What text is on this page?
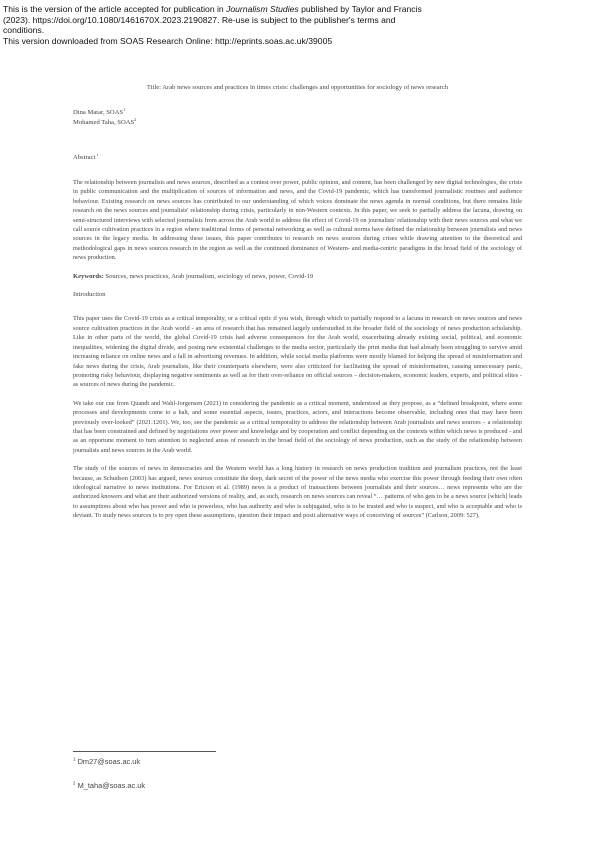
This is the version of the article accepted for publication in Journalism Studies published by Taylor and Francis

(2023). https://doi.org/10.1080/1461670X.2023.2190827. Re-use is subject to the publisher's terms and

conditions.

This version downloaded from SOAS Research Online: http://eprints.soas.ac.uk/39005

Title: Arab news sources and practices in times crisis: challenges and opportunities for sociology of news research

Dina Matar, SOAS$^1$
Mohamed Taha, SOAS$^2$

Abstract $^i$

The relationship between journalists and news sources, described as a contest over power, public opinion, and content, has been challenged by new digital technologies, the crisis in public communication and the multiplication of sources of information and news, and the Covid-19 pandemic, which has transformed journalistic routines and audience behaviour. Existing research on news sources has contributed to our understanding of which voices dominate the news agenda in normal conditions, but there remains little research on the news sources and journalists' relationship during crisis, particularly in non-Western contexts. In this paper, we seek to partially address the lacuna, drawing on semi-structured interviews with selected journalists from across the Arab world to address the effect of Covid-19 on journalists' relationship with their news sources and what we call source cultivation practices in a region where traditional forms of personal networking as well as cultural norms have defined the relationship between journalists and news sources in the legacy media. In addressing these issues, this paper contributes to research on news sources during crises while drawing attention to the theoretical and methodological gaps in news sources research in the region as well as the continued dominance of Western- and media-centric paradigms in the broad field of the sociology of news production.

Keywords: Sources, news practices, Arab journalism, sociology of news, power, Covid-19

Introduction

This paper uses the Covid-19 crisis as a critical temporality, or a critical optic if you wish, through which to partially respond to a lacuna in research on news sources and news source cultivation practices in the Arab world - an area of research that has remained largely understudied in the broader field of the sociology of news production scholarship. Like in other parts of the world, the global Covid-19 crisis had adverse consequences for the Arab world, exacerbating already existing social, political, and economic inequalities, widening the digital divide, and posing new existential challenges to the media sector, particularly the print media that had already been struggling to survive amid increasing reliance on online news and a fall in advertising revenues. In addition, while social media platforms were mostly blamed for helping the spread of misinformation and fake news during the crisis, Arab journalists, like their counterparts elsewhere, were also criticized for facilitating the spread of misinformation, causing unnecessary panic, promoting risky behaviour, displaying negative sentiments as well as for their over-reliance on official sources – decision-makers, economic leaders, experts, and political elites - as sources of news during the pandemic.

We take our cue from Quandt and Wahl-Jorgensen (2021) in considering the pandemic as a critical moment, understood as they propose, as a “defined breakpoint, where some processes and developments come to a halt, and some essential aspects, issues, practices, actors, and interactions become observable, including ones that may have been previously over-looked” (2021:1201). We, too, see the pandemic as a critical temporality to address the relationship between Arab journalists and news sources – a relationship that has been constrained and defined by negotiations over power and knowledge and by cooperation and conflict depending on the contexts within which news is produced - and as an opportune moment to turn attention to neglected areas of research in the broad field of the sociology of news production, such as the study of the relationship between journalists and news sources in the Arab world.

The study of the sources of news in democracies and the Western world has a long history in research on news production tradition and journalism practices, not the least because, as Schudson (2003) has argued, news sources constitute the deep, dark secret of the power of the news media who exercise this power through feeding their own often ideological narrative to news institutions. For Ericson et al. (1989) news is a product of transactions between journalists and their sources… news represents who are the authorized knowers and what are their authorized versions of reality, and, as such, research on news sources can reveal “… patterns of who gets to be a news source [which] leads to assumptions about who has power and who is powerless, who has authority and who is subjugated, who is to be trusted and who is suspect, and who is acceptable and who is deviant. To study news sources is to pry open these assumptions, question their impact and posit alternative ways of conceiving of sources” (Carlson, 2009: 527).

$^1$ Dm27@soas.ac.uk

$^2$ M_taha@soas.ac.uk
